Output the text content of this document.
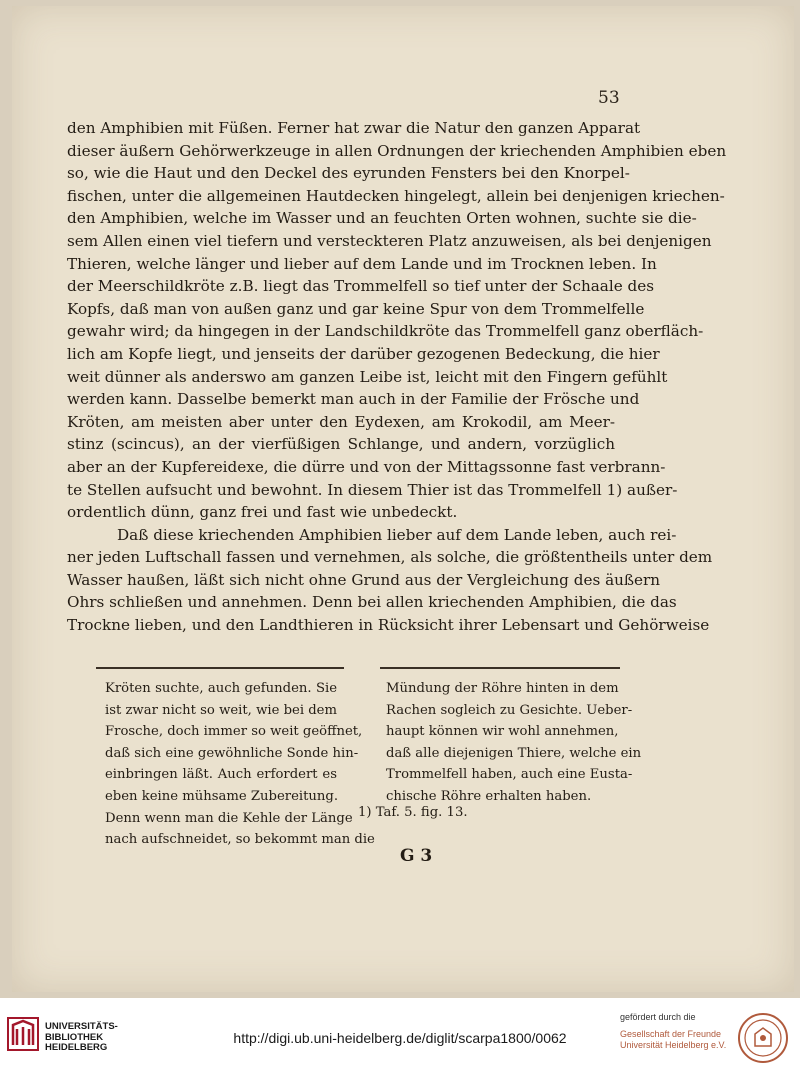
53
den Amphibien mit Füßen. Ferner hat zwar die Natur den ganzen Apparat
dieser äußern Gehörwerkzeuge in allen Ordnungen der kriechenden Amphibien eben
so, wie die Haut und den Deckel des eyrunden Fensters bei den Knorpel-
fischen, unter die allgemeinen Hautdecken hingelegt, allein bei denjenigen kriechen-
den Amphibien, welche im Wasser und an feuchten Orten wohnen, suchte sie die-
sem Allen einen viel tiefern und versteckteren Platz anzuweisen, als bei denjenigen
Thieren, welche länger und lieber auf dem Lande und im Trocknen leben. In
der Meerschildkröte z.B. liegt das Trommelfell so tief unter der Schaale des
Kopfs, daß man von außen ganz und gar keine Spur von dem Trommelfelle
gewahr wird; da hingegen in der Landschildkröte das Trommelfell ganz oberfläch-
lich am Kopfe liegt, und jenseits der darüber gezogenen Bedeckung, die hier
weit dünner als anderswo am ganzen Leibe ist, leicht mit den Fingern gefühlt
werden kann. Dasselbe bemerkt man auch in der Familie der Frösche und
Kröten, am meisten aber unter den Eydexen, am Krokodil, am Meer-
stinz (scincus), an der vierfüßigen Schlange, und andern, vorzüglich
aber an der Kupfereidexe, die dürre und von der Mittagssonne fast verbrann-
te Stellen aufsucht und bewohnt. In diesem Thier ist das Trommelfell 1) außer-
ordentlich dünn, ganz frei und fast wie unbedeckt.
Daß diese kriechenden Amphibien lieber auf dem Lande leben, auch rei-
ner jeden Luftschall fassen und vernehmen, als solche, die größtentheils unter dem
Wasser haußen, läßt sich nicht ohne Grund aus der Vergleichung des äußern
Ohrs schließen und annehmen. Denn bei allen kriechenden Amphibien, die das
Trockne lieben, und den Landthieren in Rücksicht ihrer Lebensart und Gehörweise
Kröten suchte, auch gefunden. Sie
ist zwar nicht so weit, wie bei dem
Frosche, doch immer so weit geöffnet,
daß sich eine gewöhnliche Sonde hin-
einbringen läßt. Auch erfordert es
eben keine mühsame Zubereitung.
Denn wenn man die Kehle der Länge
nach aufschneidet, so bekommt man die
Mündung der Röhre hinten in dem
Rachen sogleich zu Gesichte. Ueber-
haupt können wir wohl annehmen,
daß alle diejenigen Thiere, welche ein
Trommelfell haben, auch eine Eusta-
chische Röhre erhalten haben.
1) Taf. 5. fig. 13.
G 3
UNIVERSITÄTS-
BIBLIOTHEK
HEIDELBERG
http://digi.ub.uni-heidelberg.de/diglit/scarpa1800/0062
gefördert durch die
Gesellschaft der Freunde
Universität Heidelberg e.V.
